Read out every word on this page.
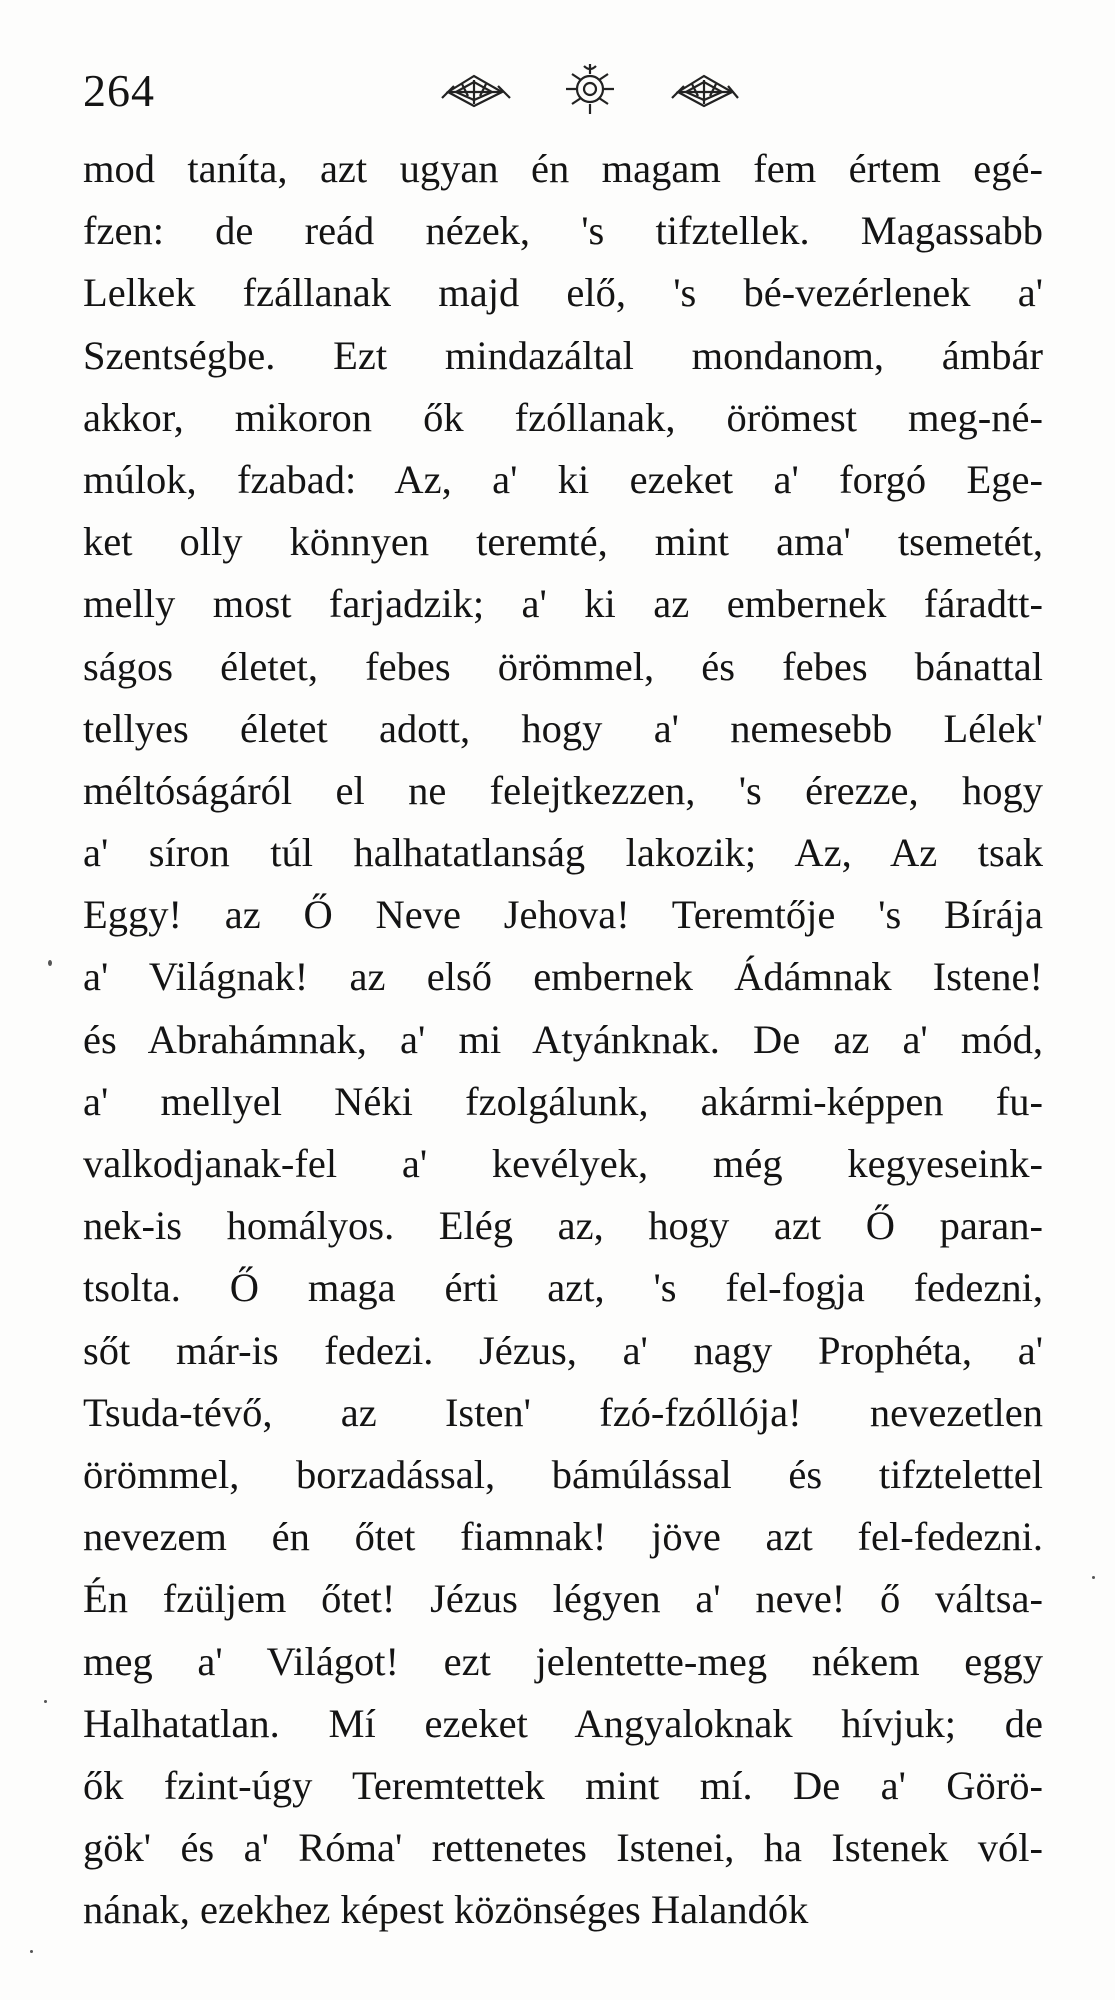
264
mod taníta, azt ugyan én magam fem értem egé-
fzen: de reád nézek, 's tifztellek. Magassabb
Lelkek fzállanak majd elő, 's bé-vezérlenek a'
Szentségbe. Ezt mindazáltal mondanom, ámbár
akkor, mikoron ők fzóllanak, örömest meg-né-
múlok, fzabad: Az, a' ki ezeket a' forgó Ege-
ket olly könnyen teremté, mint ama' tsemetét,
melly most farjadzik; a' ki az embernek fáradtt-
ságos életet, febes örömmel, és febes bánattal
tellyes életet adott, hogy a' nemesebb Lélek'
méltóságáról el ne felejtkezzen, 's érezze, hogy
a' síron túl halhatatlanság lakozik; Az, Az tsak
Eggy! az Ő Neve Jehova! Teremtője 's Bírája
a' Világnak! az első embernek Ádámnak Istene!
és Abrahámnak, a' mi Atyánknak. De az a' mód,
a' mellyel Néki fzolgálunk, akármi-képpen fu-
valkodjanak-fel a' kevélyek, még kegyeseink-
nek-is homályos. Elég az, hogy azt Ő paran-
tsolta. Ő maga érti azt, 's fel-fogja fedezni,
sőt már-is fedezi. Jézus, a' nagy Prophéta, a'
Tsuda-tévő, az Isten' fzó-fzóllója! nevezetlen
örömmel, borzadással, bámúlással és tifztelettel
nevezem én őtet fiamnak! jöve azt fel-fedezni.
Én fzüljem őtet! Jézus légyen a' neve! ő váltsa-
meg a' Világot! ezt jelentette-meg nékem eggy
Halhatatlan. Mí ezeket Angyaloknak hívjuk; de
ők fzint-úgy Teremtettek mint mí. De a' Görö-
gök' és a' Róma' rettenetes Istenei, ha Istenek vól-
nának, ezekhez képest közönséges Halandók
